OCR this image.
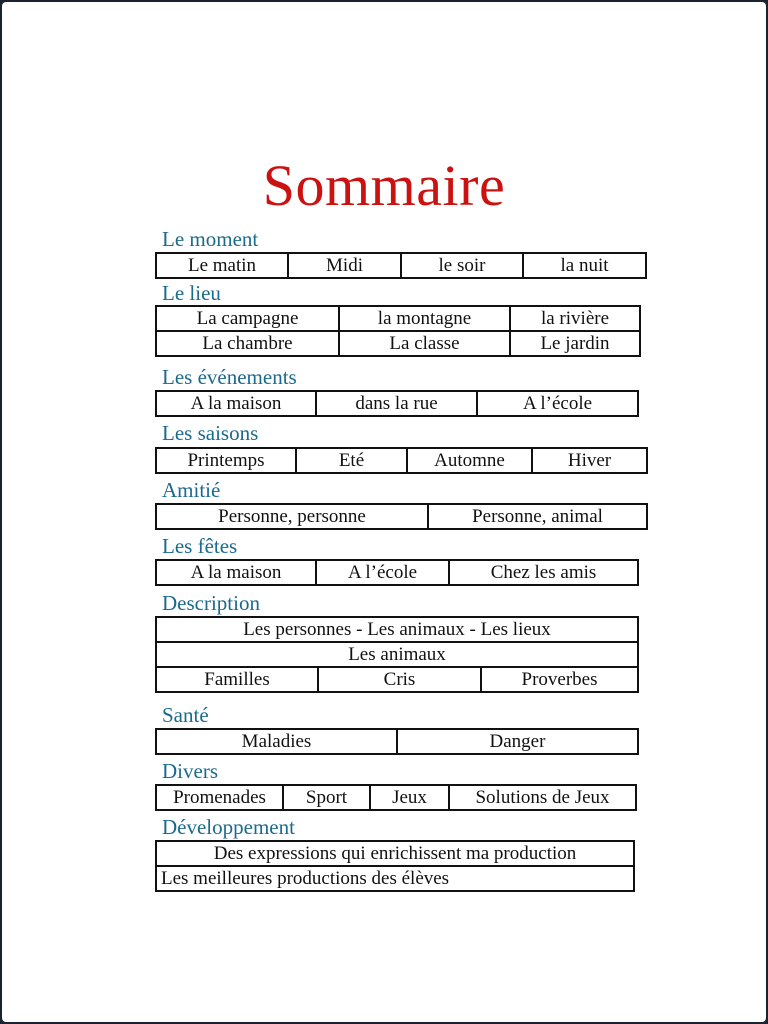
Sommaire
Le moment
Le matin	Midi	le soir	la nuit
Le lieu
La campagne	la montagne	la rivière
La chambre	La classe	Le jardin
Les événements
A la maison	dans la rue	A l’école
Les saisons
Printemps	Eté	Automne	Hiver
Amitié
Personne, personne	Personne, animal
Les fêtes
A la maison	A l’école	Chez les amis
Description
Les personnes - Les animaux - Les lieux
Les animaux
Familles	Cris	Proverbes
Santé
Maladies	Danger
Divers
Promenades	Sport	Jeux	Solutions de Jeux
Développement
Des expressions qui enrichissent ma production
Les meilleures productions des élèves
